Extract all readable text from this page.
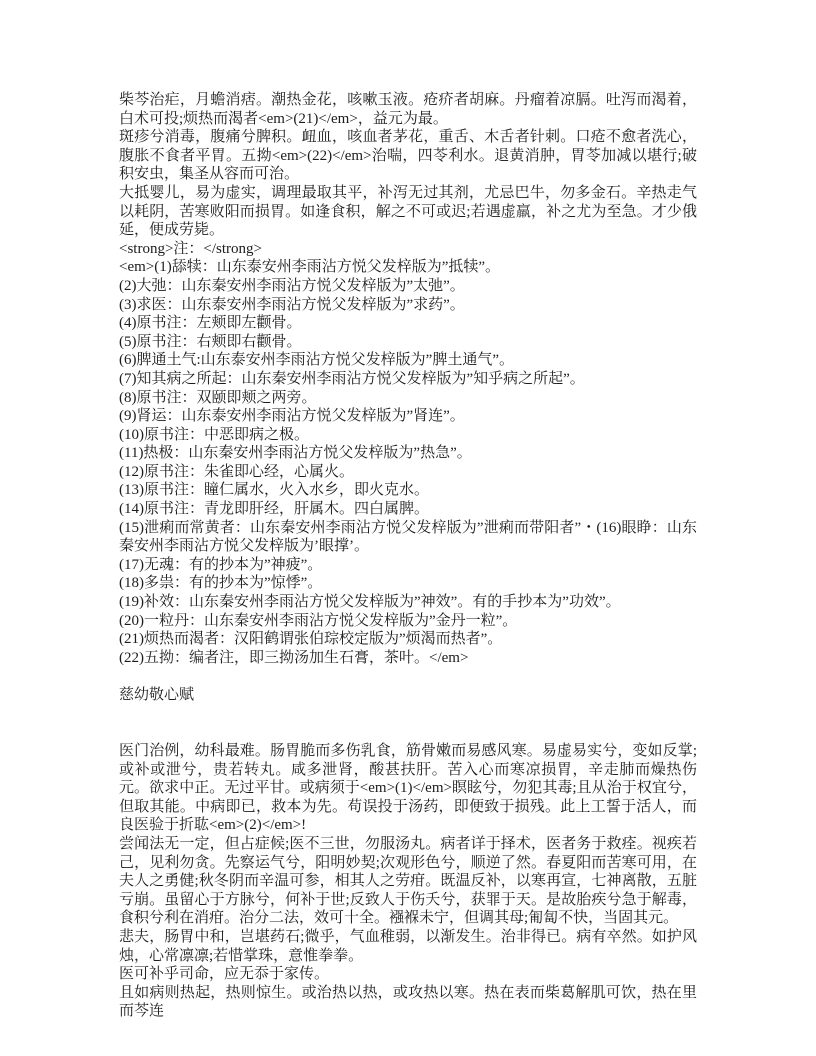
柴芩治疟，月蟾消痞。潮热金花，咳嗽玉液。疮疥者胡麻。丹瘤着凉膈。吐泻而渴着，白术可投;烦热而渴者<em>(21)</em>，益元为最。

斑疹兮消毒，腹痛兮脾积。衄血，咳血者茅花，重舌、木舌者针刺。口疮不愈者洗心，腹胀不食者平胃。五拗<em>(22)</em>治喘，四苓利水。退黄消肿，胃苓加减以堪行;破积安虫，集圣从容而可治。

大抵婴儿，易为虚实，调理最取其平，补泻无过其剂，尤忌巴牛，勿多金石。辛热走气以耗阴，苦寒败阳而损胃。如逢食积，解之不可或迟;若遇虚羸，补之尤为至急。才少俄延，便成劳毙。

<strong>注：</strong>

<em>(1)舔犊：山东泰安州李雨沾方悦父发梓版为”抵犊”。

(2)大弛：山东秦安州李雨沾方悦父发梓版为”太弛”。

(3)求医：山东泰安州李雨沾方悦父发梓版为”求药”。

(4)原书注：左颊即左颧骨。

(5)原书注：右颊即右颧骨。

(6)脾通土气:山东泰安州李雨沾方悦父发梓版为”脾土通气”。

(7)知其病之所起：山东秦安州李雨沾方悦父发梓版为”知乎病之所起”。

(8)原书注：双颐即颊之两旁。

(9)肾运：山东泰安州李雨沾方悦父发梓版为”肾连”。

(10)原书注：中恶即病之极。

(11)热极：山东秦安州李雨沾方悦父发梓版为”热急”。

(12)原书注：朱雀即心经，心属火。

(13)原书注：瞳仁属水，火入水乡，即火克水。

(14)原书注：青龙即肝经，肝属木。四白属脾。

(15)泄痢而常黄者：山东秦安州李雨沾方悦父发梓版为”泄痢而带阳者”・(16)眼睁：山东秦安州李雨沾方悦父发梓版为’眼撑’。

(17)无魂：有的抄本为”神疲”。

(18)多祟：有的抄本为”惊悸”。

(19)补效：山东秦安州李雨沾方悦父发梓版为”神效”。有的手抄本为”功效”。

(20)一粒丹：山东秦安州李雨沾方悦父发梓版为”金丹一粒”。

(21)烦热而渴者：汉阳鹤谓张伯琮校定版为”烦渴而热者”。

(22)五拗：编者注，即三拗汤加生石膏，茶叶。</em>

慈幼敬心赋

医门治例，幼科最难。肠胃脆而多伤乳食，筋骨嫩而易感风寒。易虚易实兮，变如反掌;或补或泄兮，贵若转丸。咸多泄肾，酸甚扶肝。苦入心而寒凉损胃，辛走肺而燥热伤元。欲求中正。无过平甘。或病须于<em>(1)</em>瞑眩兮，勿犯其毒;且从治于权宜兮，但取其能。中病即已，救本为先。苟误投于汤药，即便致于损残。此上工誓于活人，而良医验于折耾<em>(2)</em>!

尝闻法无一定，但占症候;医不三世，勿服汤丸。病者详于择术，医者务于救痊。视疾若己，见利勿贪。先察运气兮，阳明妙契;次观形色兮，顺逆了然。春夏阳而苦寒可用，在夫人之勇健;秋冬阴而辛温可参，相其人之劳疳。既温反补，以寒再宣，七神离散，五脏亏崩。虽留心于方脉兮，何补于世;反致人于伤夭兮，获罪于天。是故胎疾兮急于解毒，食积兮利在消疳。治分二法，效可十全。襁褓未宁，但调其母;匍匐不快，当固其元。

悲夫，肠胃中和，岂堪药石;微乎，气血稚弱，以渐发生。治非得已。病有卒然。如护风烛，心常凛凛;若惜掌珠，意惟拳拳。

医可补乎司命，应无忝于家传。

且如病则热起，热则惊生。或治热以热，或攻热以寒。热在表而柴葛解肌可饮，热在里而芩连
